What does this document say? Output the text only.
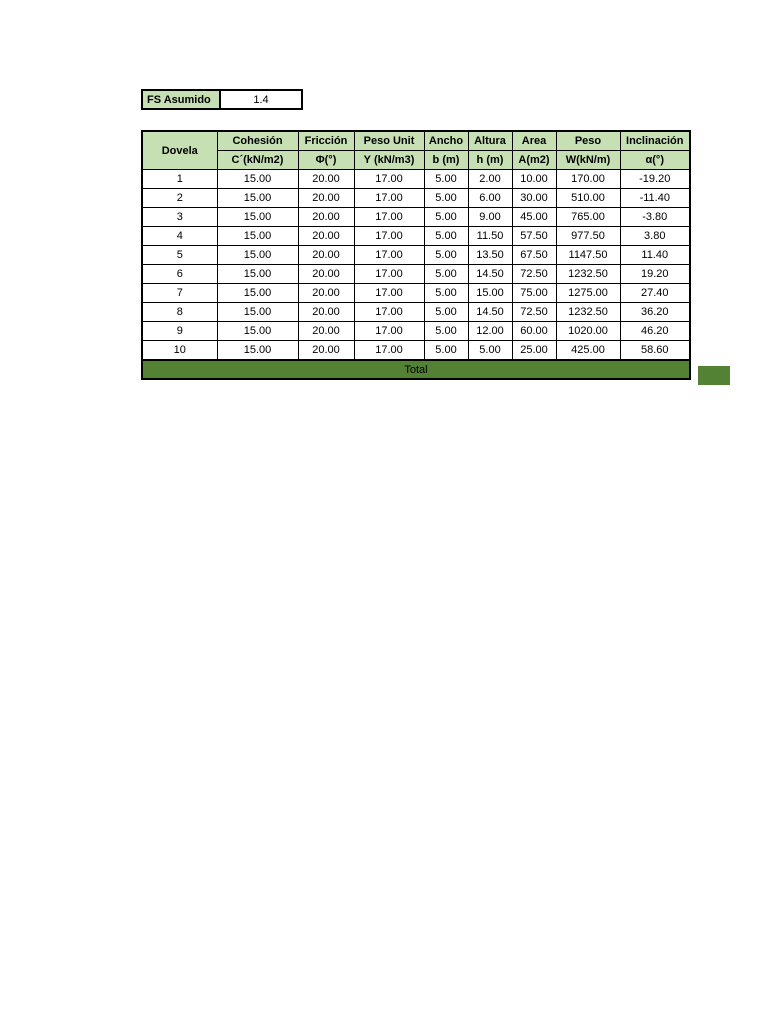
FS Asumido	1.4
Dovela	Cohesión	Fricción	Peso Unit	Ancho	Altura	Area	Peso	Inclinación
	C´(kN/m2)	Φ(°)	Υ (kN/m3)	b (m)	h (m)	A(m2)	W(kN/m)	α(°)
1	15.00	20.00	17.00	5.00	2.00	10.00	170.00	-19.20
2	15.00	20.00	17.00	5.00	6.00	30.00	510.00	-11.40
3	15.00	20.00	17.00	5.00	9.00	45.00	765.00	-3.80
4	15.00	20.00	17.00	5.00	11.50	57.50	977.50	3.80
5	15.00	20.00	17.00	5.00	13.50	67.50	1147.50	11.40
6	15.00	20.00	17.00	5.00	14.50	72.50	1232.50	19.20
7	15.00	20.00	17.00	5.00	15.00	75.00	1275.00	27.40
8	15.00	20.00	17.00	5.00	14.50	72.50	1232.50	36.20
9	15.00	20.00	17.00	5.00	12.00	60.00	1020.00	46.20
10	15.00	20.00	17.00	5.00	5.00	25.00	425.00	58.60
Total								
